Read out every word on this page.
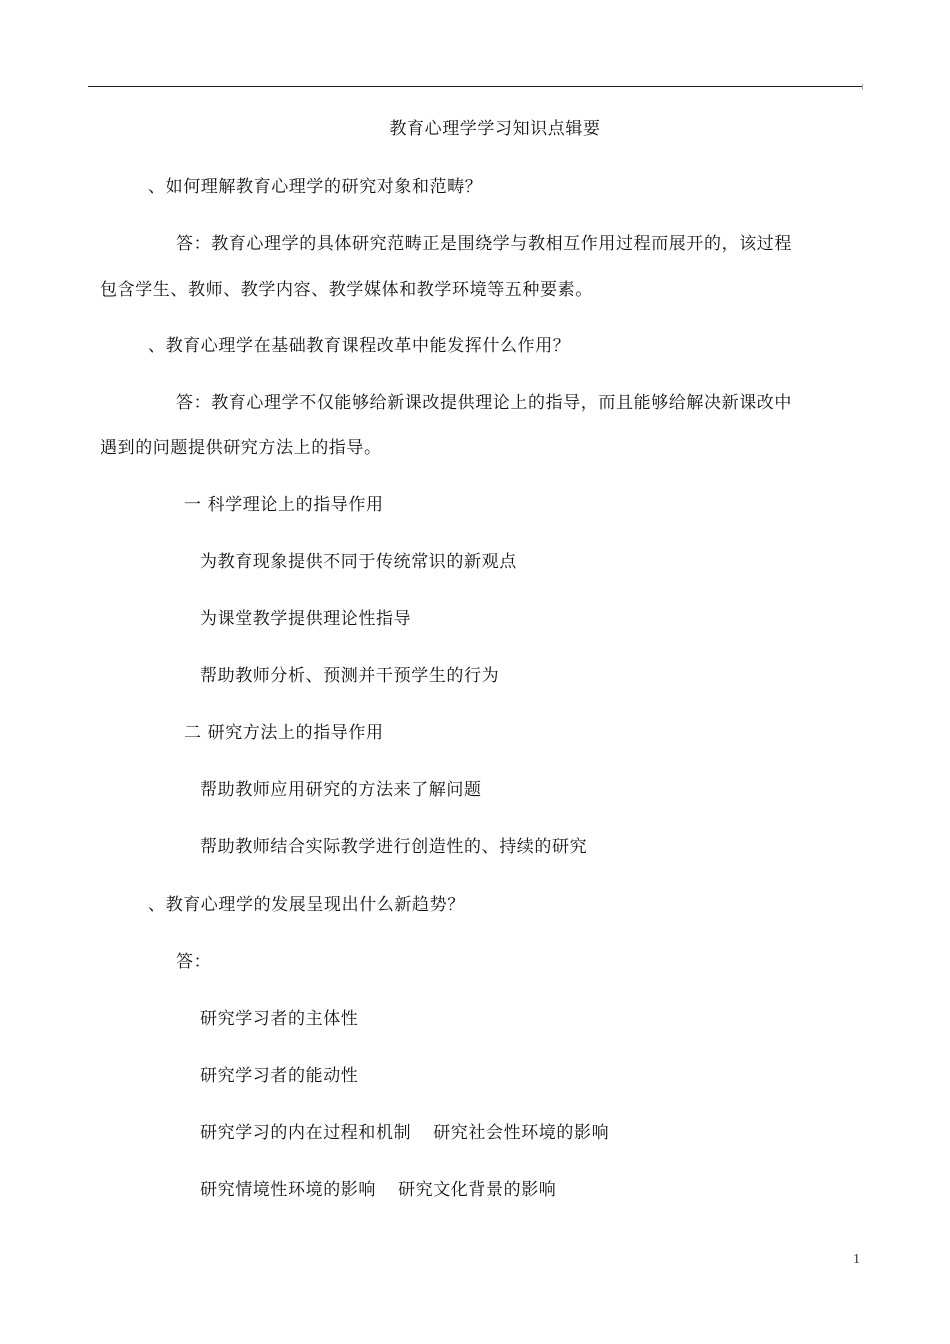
教育心理学学习知识点辑要
、如何理解教育心理学的研究对象和范畴？
答：教育心理学的具体研究范畴正是围绕学与教相互作用过程而展开的，该过程
包含学生、教师、教学内容、教学媒体和教学环境等五种要素。
、教育心理学在基础教育课程改革中能发挥什么作用？
答：教育心理学不仅能够给新课改提供理论上的指导，而且能够给解决新课改中
遇到的问题提供研究方法上的指导。
一 科学理论上的指导作用
为教育现象提供不同于传统常识的新观点
为课堂教学提供理论性指导
帮助教师分析、预测并干预学生的行为
二 研究方法上的指导作用
帮助教师应用研究的方法来了解问题
帮助教师结合实际教学进行创造性的、持续的研究
、教育心理学的发展呈现出什么新趋势？
答：
研究学习者的主体性
研究学习者的能动性
研究学习的内在过程和机制 研究社会性环境的影响
研究情境性环境的影响 研究文化背景的影响
1
